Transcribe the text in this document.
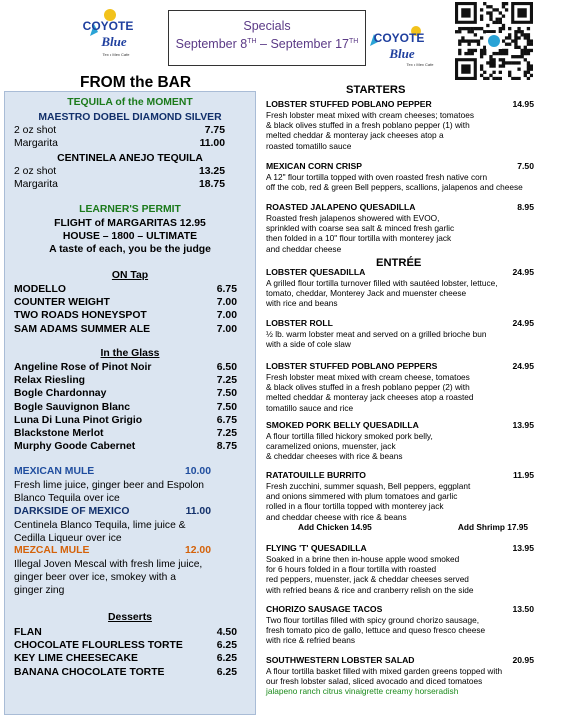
COYOTE
Blue
Tex • Mex Cafe
Specials
September 8TH – September 17TH	COYOTE
Blue
Tex • Mex Cafe
FROM the BAR
TEQUILA of the MOMENT
MAESTRO DOBEL DIAMOND SILVER
2 oz shot	7.75
Margarita	11.00
CENTINELA ANEJO TEQUILA
2 oz shot	13.25
Margarita	18.75
LEARNER'S PERMIT
FLIGHT of MARGARITAS 12.95
HOUSE – 1800 – ULTIMATE
A taste of each, you be the judge
ON Tap
MODELLO	6.75
COUNTER WEIGHT	7.00
TWO ROADS HONEYSPOT	7.00
SAM ADAMS SUMMER ALE	7.00
In the Glass
Angeline Rose of Pinot Noir	6.50
Relax Riesling	7.25
Bogle Chardonnay	7.50
Bogle Sauvignon Blanc	7.50
Luna Di Luna Pinot Grigio	6.75
Blackstone Merlot	7.25
Murphy Goode Cabernet	8.75
MEXICAN MULE	10.00
Fresh lime juice, ginger beer and Espolon
Blanco Tequila over ice
DARKSIDE OF MEXICO	11.00
Centinela Blanco Tequila, lime juice &
Cedilla Liqueur over ice
MEZCAL MULE	12.00
Illegal Joven Mescal with fresh lime juice,
ginger beer over ice, smokey with a
ginger zing
Desserts
FLAN	4.50
CHOCOLATE FLOURLESS TORTE	6.25
KEY LIME CHEESECAKE	6.25
BANANA CHOCOLATE TORTE	6.25
STARTERS
ENTRÉE
LOBSTER STUFFED POBLANO PEPPER	14.95
Fresh lobster meat mixed with cream cheeses; tomatoes
& black olives stuffed in a fresh poblano pepper (1) with
melted cheddar & monteray jack cheeses atop a
roasted tomatillo sauce
MEXICAN CORN CRISP	7.50
A 12" flour tortilla topped with oven roasted fresh native corn
off the cob, red & green Bell peppers, scallions, jalapenos and cheese
ROASTED JALAPENO QUESADILLA	8.95
Roasted fresh jalapenos showered with EVOO,
sprinkled with coarse sea salt & minced fresh garlic
then folded in a 10" flour tortilla with monterey jack
and cheddar cheese
LOBSTER QUESADILLA	24.95
A grilled flour tortilla turnover filled with sautéed lobster, lettuce,
tomato, cheddar, Monterey Jack and muenster cheese
with rice and beans
LOBSTER ROLL	24.95
½ lb. warm lobster meat and served on a grilled brioche bun
with a side of cole slaw
LOBSTER STUFFED POBLANO PEPPERS	24.95
Fresh lobster meat mixed with cream cheese, tomatoes
& black olives stuffed in a fresh poblano pepper (2) with
melted cheddar & monteray jack cheeses atop a roasted
tomatillo sauce and rice
SMOKED PORK BELLY QUESADILLA	13.95
A flour tortilla filled hickory smoked pork belly,
caramelized onions, muenster, jack
& cheddar cheeses with rice & beans
RATATOUILLE BURRITO	11.95
Fresh zucchini, summer squash, Bell peppers, eggplant
and onions simmered with plum tomatoes and garlic
rolled in a flour tortilla topped with monterey jack
and cheddar cheese with rice & beans
Add Chicken 14.95	Add Shrimp 17.95
FLYING 'T' QUESADILLA	13.95
Soaked in a brine then in-house apple wood smoked
for 6 hours folded in a flour tortilla with roasted
red peppers, muenster, jack & cheddar cheeses served
with refried beans & rice and cranberry relish on the side
CHORIZO SAUSAGE TACOS	13.50
Two flour tortillas filled with spicy ground chorizo sausage,
fresh tomato pico de gallo, lettuce and queso fresco cheese
with rice & refried beans
SOUTHWESTERN LOBSTER SALAD	20.95
A flour tortilla basket filled with mixed garden greens topped with
our fresh lobster salad, sliced avocado and diced tomatoes
jalapeno ranch citrus vinaigrette creamy horseradish
